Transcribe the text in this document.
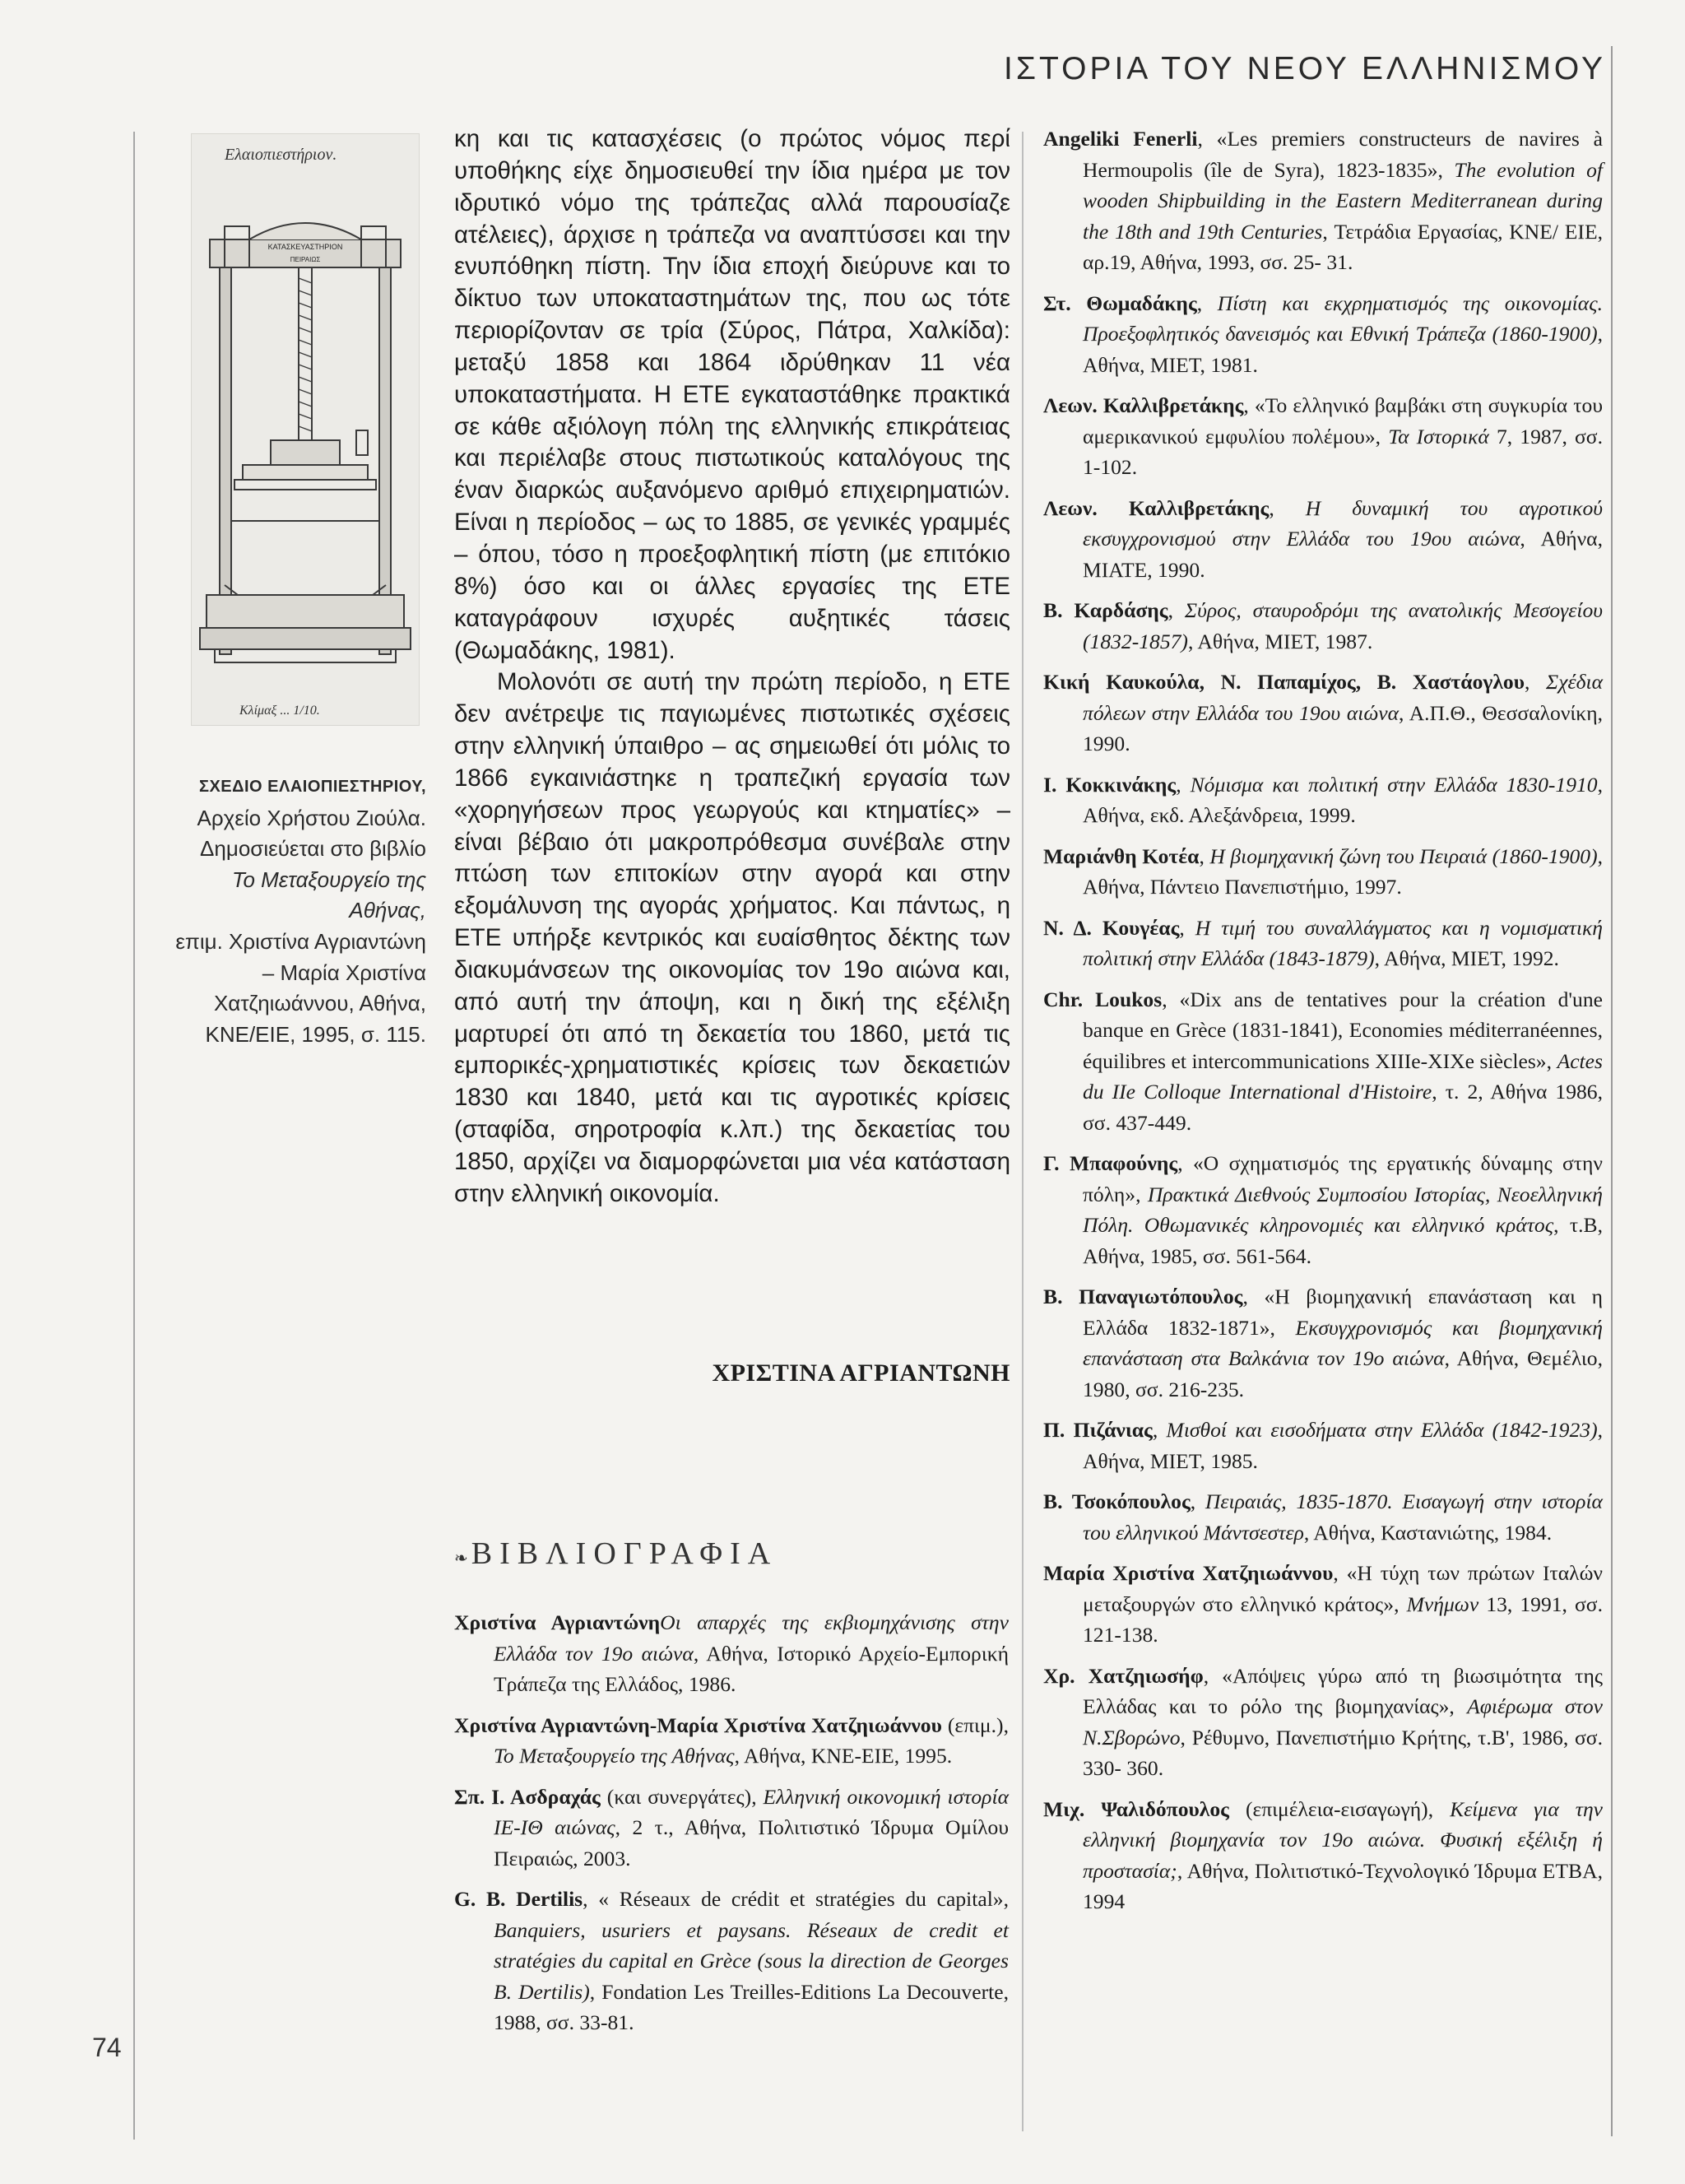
ΙΣΤΟΡΙΑ ΤΟΥ ΝΕΟΥ ΕΛΛΗΝΙΣΜΟΥ
74
Ελαιοπιεστήριον.
ΚΑΤΑΣΚΕΥΑΣΤΗΡΙΟΝ
ΠΕΙΡΑΙΩΣ
Κλίμαξ ... 1/10.
ΣΧΕΔΙΟ ΕΛΑΙΟΠΙΕΣΤΗΡΙΟΥ,
Αρχείο Χρήστου Ζιούλα.
Δημοσιεύεται στο βιβλίο
Το Μεταξουργείο της Αθήνας,
επιμ. Χριστίνα Αγριαντώνη – Μαρία Χριστίνα Χατζηιωάννου, Αθήνα, ΚΝΕ/ΕΙΕ, 1995, σ. 115.

κη και τις κατασχέσεις (ο πρώτος νόμος περί υποθήκης είχε δημοσιευθεί την ίδια ημέρα με τον ιδρυτικό νόμο της τράπεζας αλλά παρουσίαζε ατέλειες), άρχισε η τράπεζα να αναπτύσσει και την ενυπόθηκη πίστη. Την ίδια εποχή διεύρυνε και το δίκτυο των υποκαταστημάτων της, που ως τότε περιορίζονταν σε τρία (Σύρος, Πάτρα, Χαλκίδα): μεταξύ 1858 και 1864 ιδρύθηκαν 11 νέα υποκαταστήματα. Η ΕΤΕ εγκαταστάθηκε πρακτικά σε κάθε αξιόλογη πόλη της ελληνικής επικράτειας και περιέλαβε στους πιστωτικούς καταλόγους της έναν διαρκώς αυξανόμενο αριθμό επιχειρηματιών. Είναι η περίοδος – ως το 1885, σε γενικές γραμμές – όπου, τόσο η προεξοφλητική πίστη (με επιτόκιο 8%) όσο και οι άλλες εργασίες της ΕΤΕ καταγράφουν ισχυρές αυξητικές τάσεις (Θωμαδάκης, 1981).

Μολονότι σε αυτή την πρώτη περίοδο, η ΕΤΕ δεν ανέτρεψε τις παγιωμένες πιστωτικές σχέσεις στην ελληνική ύπαιθρο – ας σημειωθεί ότι μόλις το 1866 εγκαινιάστηκε η τραπεζική εργασία των «χορηγήσεων προς γεωργούς και κτηματίες» – είναι βέβαιο ότι μακροπρόθεσμα συνέβαλε στην πτώση των επιτοκίων στην αγορά και στην εξομάλυνση της αγοράς χρήματος. Και πάντως, η ΕΤΕ υπήρξε κεντρικός και ευαίσθητος δέκτης των διακυμάνσεων της οικονομίας τον 19ο αιώνα και, από αυτή την άποψη, και η δική της εξέλιξη μαρτυρεί ότι από τη δεκαετία του 1860, μετά τις εμπορικές-χρηματιστικές κρίσεις των δεκαετιών 1830 και 1840, μετά και τις αγροτικές κρίσεις (σταφίδα, σηροτροφία κ.λπ.) της δεκαετίας του 1850, αρχίζει να διαμορφώνεται μια νέα κατάσταση στην ελληνική οικονομία.

ΧΡΙΣΤΙΝΑ ΑΓΡΙΑΝΤΩΝΗ
❧ ΒΙΒΛΙΟΓΡΑΦΙΑ

Χριστίνα ΑγριαντώνηΟι απαρχές της εκβιομηχάνισης στην Ελλάδα τον 19ο αιώνα, Αθήνα, Ιστορικό Αρχείο-Εμπορική Τράπεζα της Ελλάδος, 1986.

Χριστίνα Αγριαντώνη-Μαρία Χριστίνα Χατζηιωάννου (επιμ.), Το Μεταξουργείο της Αθήνας, Αθήνα, ΚΝΕ-ΕΙΕ, 1995.

Σπ. Ι. Ασδραχάς (και συνεργάτες), Ελληνική οικονομική ιστορία ΙΕ-ΙΘ αιώνας, 2 τ., Αθήνα, Πολιτιστικό Ίδρυμα Ομίλου Πειραιώς, 2003.

G. B. Dertilis, « Réseaux de crédit et stratégies du capital», Banquiers, usuriers et paysans. Réseaux de credit et stratégies du capital en Grèce (sous la direction de Georges B. Dertilis), Fondation Les Treilles-Editions La Decouverte, 1988, σσ. 33-81.

Angeliki Fenerli, «Les premiers constructeurs de navires à Hermoupolis (île de Syra), 1823-1835», The evolution of wooden Shipbuilding in the Eastern Mediterranean during the 18th and 19th Centuries, Τετράδια Εργασίας, ΚΝΕ/ ΕΙΕ, αρ.19, Αθήνα, 1993, σσ. 25- 31.

Στ. Θωμαδάκης, Πίστη και εκχρηματισμός της οικονομίας. Προεξοφλητικός δανεισμός και Εθνική Τράπεζα (1860-1900), Αθήνα, ΜΙΕΤ, 1981.

Λεων. Καλλιβρετάκης, «Το ελληνικό βαμβάκι στη συγκυρία του αμερικανικού εμφυλίου πολέμου», Τα Ιστορικά 7, 1987, σσ. 1-102.

Λεων. Καλλιβρετάκης, Η δυναμική του αγροτικού εκσυγχρονισμού στην Ελλάδα του 19ου αιώνα, Αθήνα, ΜΙΑΤΕ, 1990.

Β. Καρδάσης, Σύρος, σταυροδρόμι της ανατολικής Μεσογείου (1832-1857), Αθήνα, ΜΙΕΤ, 1987.

Κική Καυκούλα, Ν. Παπαμίχος, Β. Χαστάογλου, Σχέδια πόλεων στην Ελλάδα του 19ου αιώνα, Α.Π.Θ., Θεσσαλονίκη, 1990.

Ι. Κοκκινάκης, Νόμισμα και πολιτική στην Ελλάδα 1830-1910, Αθήνα, εκδ. Αλεξάνδρεια, 1999.

Μαριάνθη Κοτέα, Η βιομηχανική ζώνη του Πειραιά (1860-1900), Αθήνα, Πάντειο Πανεπιστήμιο, 1997.

Ν. Δ. Κουγέας, Η τιμή του συναλλάγματος και η νομισματική πολιτική στην Ελλάδα (1843-1879), Αθήνα, ΜΙΕΤ, 1992.

Chr. Loukos, «Dix ans de tentatives pour la création d'une banque en Grèce (1831-1841), Economies méditerranéennes, équilibres et intercommunications XIIIe-XIXe siècles», Actes du IIe Colloque International d'Histoire, τ. 2, Αθήνα 1986, σσ. 437-449.

Γ. Μπαφούνης, «Ο σχηματισμός της εργατικής δύναμης στην πόλη», Πρακτικά Διεθνούς Συμποσίου Ιστορίας, Νεοελληνική Πόλη. Οθωμανικές κληρονομιές και ελληνικό κράτος, τ.Β, Αθήνα, 1985, σσ. 561-564.

Β. Παναγιωτόπουλος, «Η βιομηχανική επανάσταση και η Ελλάδα 1832-1871», Εκσυγχρονισμός και βιομηχανική επανάσταση στα Βαλκάνια τον 19ο αιώνα, Αθήνα, Θεμέλιο, 1980, σσ. 216-235.

Π. Πιζάνιας, Μισθοί και εισοδήματα στην Ελλάδα (1842-1923), Αθήνα, ΜΙΕΤ, 1985.

Β. Τσοκόπουλος, Πειραιάς, 1835-1870. Εισαγωγή στην ιστορία του ελληνικού Μάντσεστερ, Αθήνα, Καστανιώτης, 1984.

Μαρία Χριστίνα Χατζηιωάννου, «Η τύχη των πρώτων Ιταλών μεταξουργών στο ελληνικό κράτος», Μνήμων 13, 1991, σσ. 121-138.

Χρ. Χατζηιωσήφ, «Απόψεις γύρω από τη βιωσιμότητα της Ελλάδας και το ρόλο της βιομηχανίας», Αφιέρωμα στον Ν.Σβορώνο, Ρέθυμνο, Πανεπιστήμιο Κρήτης, τ.Β', 1986, σσ. 330- 360.

Μιχ. Ψαλιδόπουλος (επιμέλεια-εισαγωγή), Κείμενα για την ελληνική βιομηχανία τον 19ο αιώνα. Φυσική εξέλιξη ή προστασία;, Αθήνα, Πολιτιστικό-Τεχνολογικό Ίδρυμα ΕΤΒΑ, 1994
